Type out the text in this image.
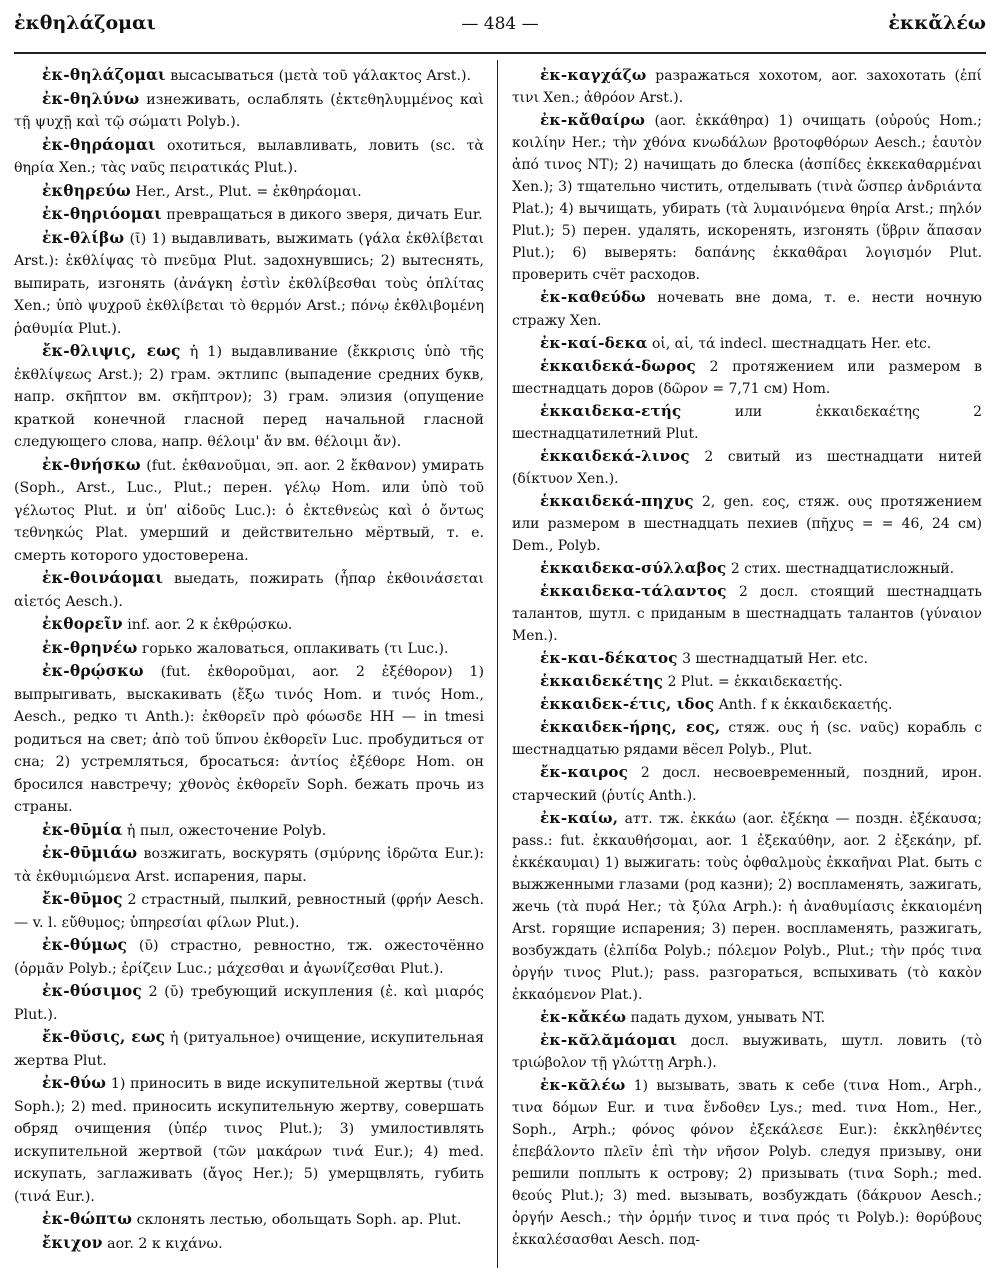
ἐκθηλάζομαι	— 484 —	ἐκκἄλέω

ἐκ-θηλάζομαι высасываться (μετὰ τοῦ γάλακτος Arst.).

ἐκ-θηλύνω изнеживать, ослаблять (ἐκτεθηλυμμένος καὶ τῇ ψυχῇ καὶ τῷ σώματι Polyb.).

ἐκ-θηράομαι охотиться, вылавливать, ловить (sc. τὰ θηρία Xen.; τὰς ναῦς πειρατικάς Plut.).

ἐκθηρεύω Her., Arst., Plut. = ἐκθηράομαι.

ἐκ-θηριόομαι превращаться в дикого зверя, дичать Eur.

ἐκ-θλίβω (ῑ) 1) выдавливать, выжимать (γάλα ἐκθλίβεται Arst.): ἐκθλίψας τὸ πνεῦμα Plut. задохнувшись; 2) вытеснять, выпирать, изгонять (ἀνάγκη ἐστὶν ἐκθλίβεσθαι τοὺς ὁπλίτας Xen.; ὑπὸ ψυχροῦ ἐκθλίβεται τὸ θερμόν Arst.; πόνῳ ἐκθλιβομένη ῥαθυμία Plut.).

ἔκ-θλιψις, εως ἡ 1) выдавливание (ἔκκρισις ὑπὸ τῆς ἐκθλίψεως Arst.); 2) грам. эктлипс (выпадение средних букв, напр. σκῆπτον вм. σκῆπτρον); 3) грам. элизия (опущение краткой конечной гласной перед начальной гласной следующего слова, напр. θέλοιμ' ἄν вм. θέλοιμι ἄν).

ἐκ-θνήσκω (fut. ἐκθανοῦμαι, эп. aor. 2 ἔκθανον) умирать (Soph., Arst., Luc., Plut.; перен. γέλῳ Hom. или ὑπὸ τοῦ γέλωτος Plut. и ὑπ' αἰδοῦς Luc.): ὁ ἐκτεθνεὼς καὶ ὁ ὄντως τεθνηκώς Plat. умерший и действительно мёртвый, т. е. смерть которого удостоверена.

ἐκ-θοινάομαι выедать, пожирать (ἧπαρ ἐκθοινάσεται αἰετός Aesch.).

ἐκθορεῖν inf. aor. 2 к ἐκθρῴσκω.

ἐκ-θρηνέω горько жаловаться, оплакивать (τι Luc.).

ἐκ-θρῴσκω (fut. ἐκθοροῦμαι, aor. 2 ἐξέθορον) 1) выпрыгивать, выскакивать (ἔξω τινός Hom. и τινός Hom., Aesch., редко τι Anth.): ἐκθορεῖν πρὸ φόωσδε HH — in tmesi родиться на свет; ἀπὸ τοῦ ὕπνου ἐκθορεῖν Luc. пробудиться от сна; 2) устремляться, бросаться: ἀντίος ἐξέθορε Hom. он бросился навстречу; χθονὸς ἐκθορεῖν Soph. бежать прочь из страны.

ἐκ-θῡμία ἡ пыл, ожесточение Polyb.

ἐκ-θῡμιάω возжигать, воскурять (σμύρνης ἱδρῶτα Eur.): τὰ ἐκθυμιώμενα Arst. испарения, пары.

ἔκ-θῡμος 2 страстный, пылкий, ревностный (φρήν Aesch. — v. l. εὔθυμος; ὑπηρεσίαι φίλων Plut.).

ἐκ-θύμως (ῡ) страстно, ревностно, тж. ожесточённо (ὁρμᾶν Polyb.; ἐρίζειν Luc.; μάχεσθαι и ἀγωνίζεσθαι Plut.).

ἐκ-θύσιμος 2 (ῠ) требующий искупления (ἐ. καὶ μιαρός Plut.).

ἔκ-θῠσις, εως ἡ (ритуальное) очищение, искупительная жертва Plut.

ἐκ-θύω 1) приносить в виде искупительной жертвы (τινά Soph.); 2) med. приносить искупительную жертву, совершать обряд очищения (ὑπέρ τινος Plut.); 3) умилостивлять искупительной жертвой (τῶν μακάρων τινά Eur.); 4) med. искупать, заглаживать (ἄγος Her.); 5) умерщвлять, губить (τινά Eur.).

ἐκ-θώπτω склонять лестью, обольщать Soph. ap. Plut.

ἔκιχον aor. 2 к κιχάνω.

ἐκ-καγχάζω разражаться хохотом, aor. захохотать (ἐπί τινι Xen.; ἀθρόον Arst.).

ἐκ-κἄθαίρω (aor. ἐκκάθηρα) 1) очищать (οὐρούς Hom.; κοιλίην Her.; τὴν χθόνα κνωδάλων βροτοφθόρων Aesch.; ἑαυτὸν ἀπό τινος NT); 2) начищать до блеска (ἀσπίδες ἐκκεκαθαρμέναι Xen.); 3) тщательно чистить, отделывать (τινὰ ὥσπερ ἀνδριάντα Plat.); 4) вычищать, убирать (τὰ λυμαινόμενα θηρία Arst.; πηλόν Plut.); 5) перен. удалять, искоренять, изгонять (ὕβριν ἅπασαν Plut.); 6) выверять: δαπάνης ἐκκαθᾶραι λογισμόν Plut. проверить счёт расходов.

ἐκ-καθεύδω ночевать вне дома, т. е. нести ночную стражу Xen.

ἐκ-καί-δεκα οἱ, αἱ, τά indecl. шестнадцать Her. etc.

ἑκκαιδεκά-δωρος 2 протяжением или размером в шестнадцать доров (δῶρον = 7,71 см) Hom.

ἑκκαιδεκα-ετής	или ἑκκαιδεκαέτης 2 шестнадцатилетний Plut.

ἑκκαιδεκά-λινος 2 свитый из шестнадцати нитей (δίκτυον Xen.).

ἑκκαιδεκά-πηχυς 2, gen. εος, стяж. ους протяжением или размером в шестнадцать пехиев (πῆχυς = = 46, 24 см) Dem., Polyb.

ἑκκαιδεκα-σύλλαβος 2 стих. шестнадцатисложный.

ἑκκαιδεκα-τάλαντος 2 досл. стоящий шестнадцать талантов, шутл. с приданым в шестнадцать талантов (γύναιον Men.).

ἑκ-και-δέκατος 3 шестнадцатый Her. etc.

ἑκκαιδεκέτης 2 Plut. = ἑκκαιδεκαετής.

ἑκκαιδεκ-έτις, ιδος Anth. f к ἑκκαιδεκαετής.

ἑκκαιδεκ-ήρης, εος, стяж. ους ἡ (sc. ναῦς) корабль с шестнадцатью рядами вёсел Polyb., Plut.

ἔκ-καιρος 2 досл. несвоевременный, поздний, ирон. старческий (ῥυτίς Anth.).

ἐκ-καίω, атт. тж. ἐκκάω (aor. ἐξέκηα — поздн. ἐξέκαυσα; pass.: fut. ἐκκαυθήσομαι, aor. 1 ἐξεκαύθην, aor. 2 ἐξεκάην, pf. ἐκκέκαυμαι) 1) выжигать: τοὺς ὀφθαλμοὺς ἐκκαῆναι Plat. быть с выжженными глазами (род казни); 2) воспламенять, зажигать, жечь (τὰ πυρά Her.; τὰ ξύλα Arph.): ἡ ἀναθυμίασις ἐκκαιομένη Arst. горящие испарения; 3) перен. воспламенять, разжигать, возбуждать (ἐλπίδα Polyb.; πόλεμον Polyb., Plut.; τὴν πρός τινα ὀργήν τινος Plut.); pass. разгораться, вспыхивать (τὸ κακὸν ἐκκαόμενον Plat.).

ἐκ-κἄκέω падать духом, унывать NT.

ἐκ-κᾰλᾰμάομαι досл. выуживать, шутл. ловить (τὸ τριώβολον τῇ γλώττῃ Arph.).

ἐκ-κᾰλέω 1) вызывать, звать к себе (τινα Hom., Arph., τινα δόμων Eur. и τινα ἔνδοθεν Lys.; med. τινα Hom., Her., Soph., Arph.; φόνος φόνον ἐξεκάλεσε Eur.): ἐκκληθέντες ἐπεβάλοντο πλεῖν ἐπὶ τὴν νῆσον Polyb. следуя призыву, они решили поплыть к острову; 2) призывать (τινα Soph.; med. θεούς Plut.); 3) med. вызывать, возбуждать (δάκρυον Aesch.; ὀργήν Aesch.; τὴν ὁρμήν τινος и τινα πρός τι Polyb.): θορύβους ἐκκαλέσασθαι Aesch. под-
